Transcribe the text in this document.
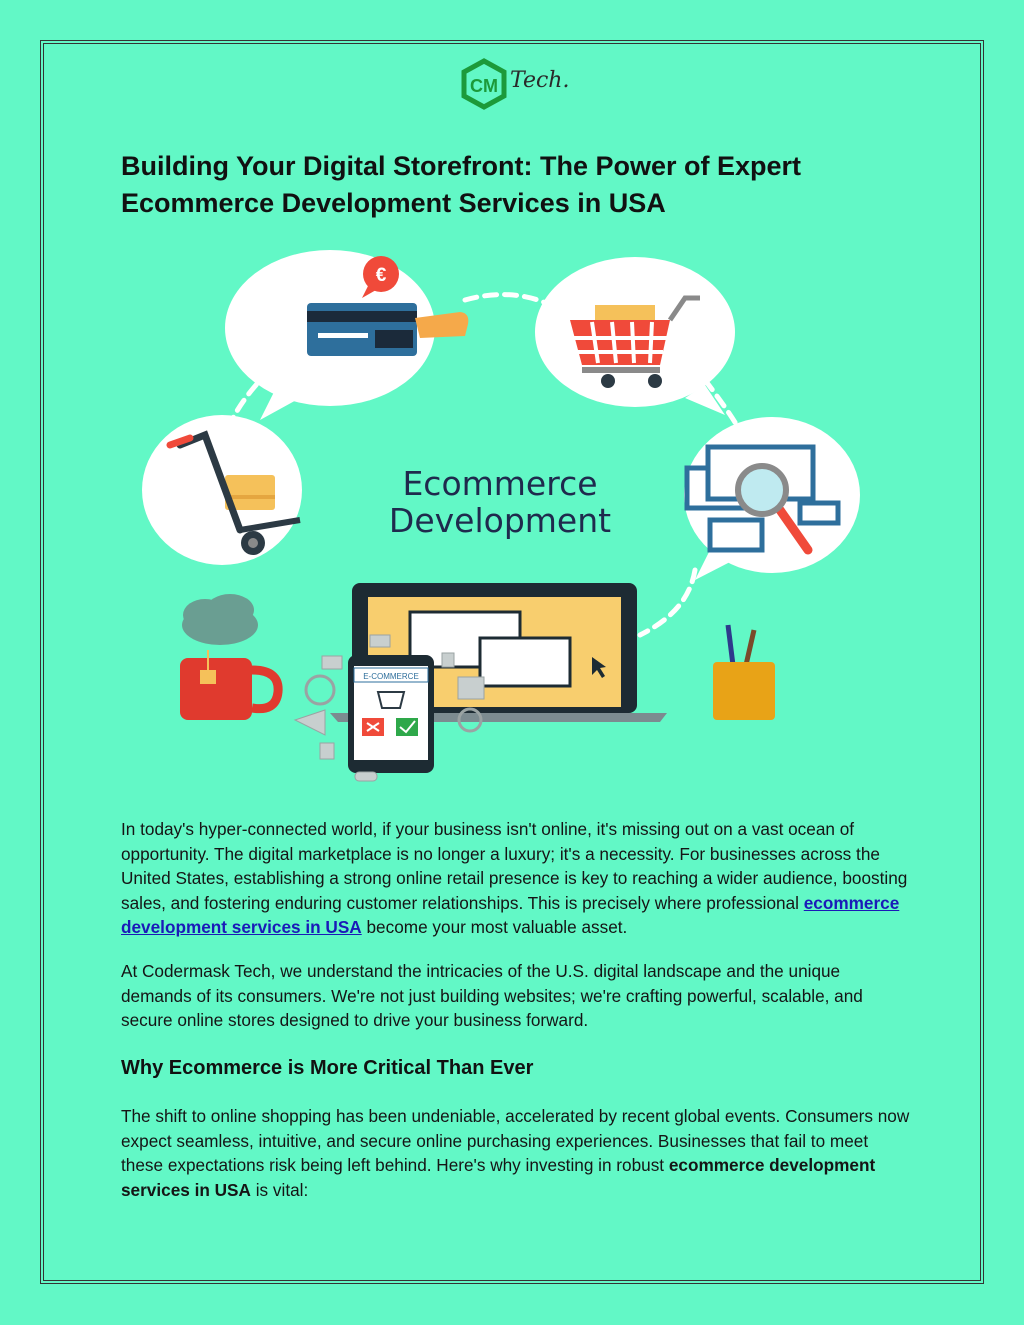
CM Tech.
Building Your Digital Storefront: The Power of Expert Ecommerce Development Services in USA
€
Ecommerce
Development
E-COMMERCE

In today's hyper-connected world, if your business isn't online, it's missing out on a vast ocean of opportunity. The digital marketplace is no longer a luxury; it's a necessity. For businesses across the United States, establishing a strong online retail presence is key to reaching a wider audience, boosting sales, and fostering enduring customer relationships. This is precisely where professional ecommerce development services in USA become your most valuable asset.

At Codermask Tech, we understand the intricacies of the U.S. digital landscape and the unique demands of its consumers. We're not just building websites; we're crafting powerful, scalable, and secure online stores designed to drive your business forward.

Why Ecommerce is More Critical Than Ever

The shift to online shopping has been undeniable, accelerated by recent global events. Consumers now expect seamless, intuitive, and secure online purchasing experiences. Businesses that fail to meet these expectations risk being left behind. Here's why investing in robust ecommerce development services in USA is vital:
